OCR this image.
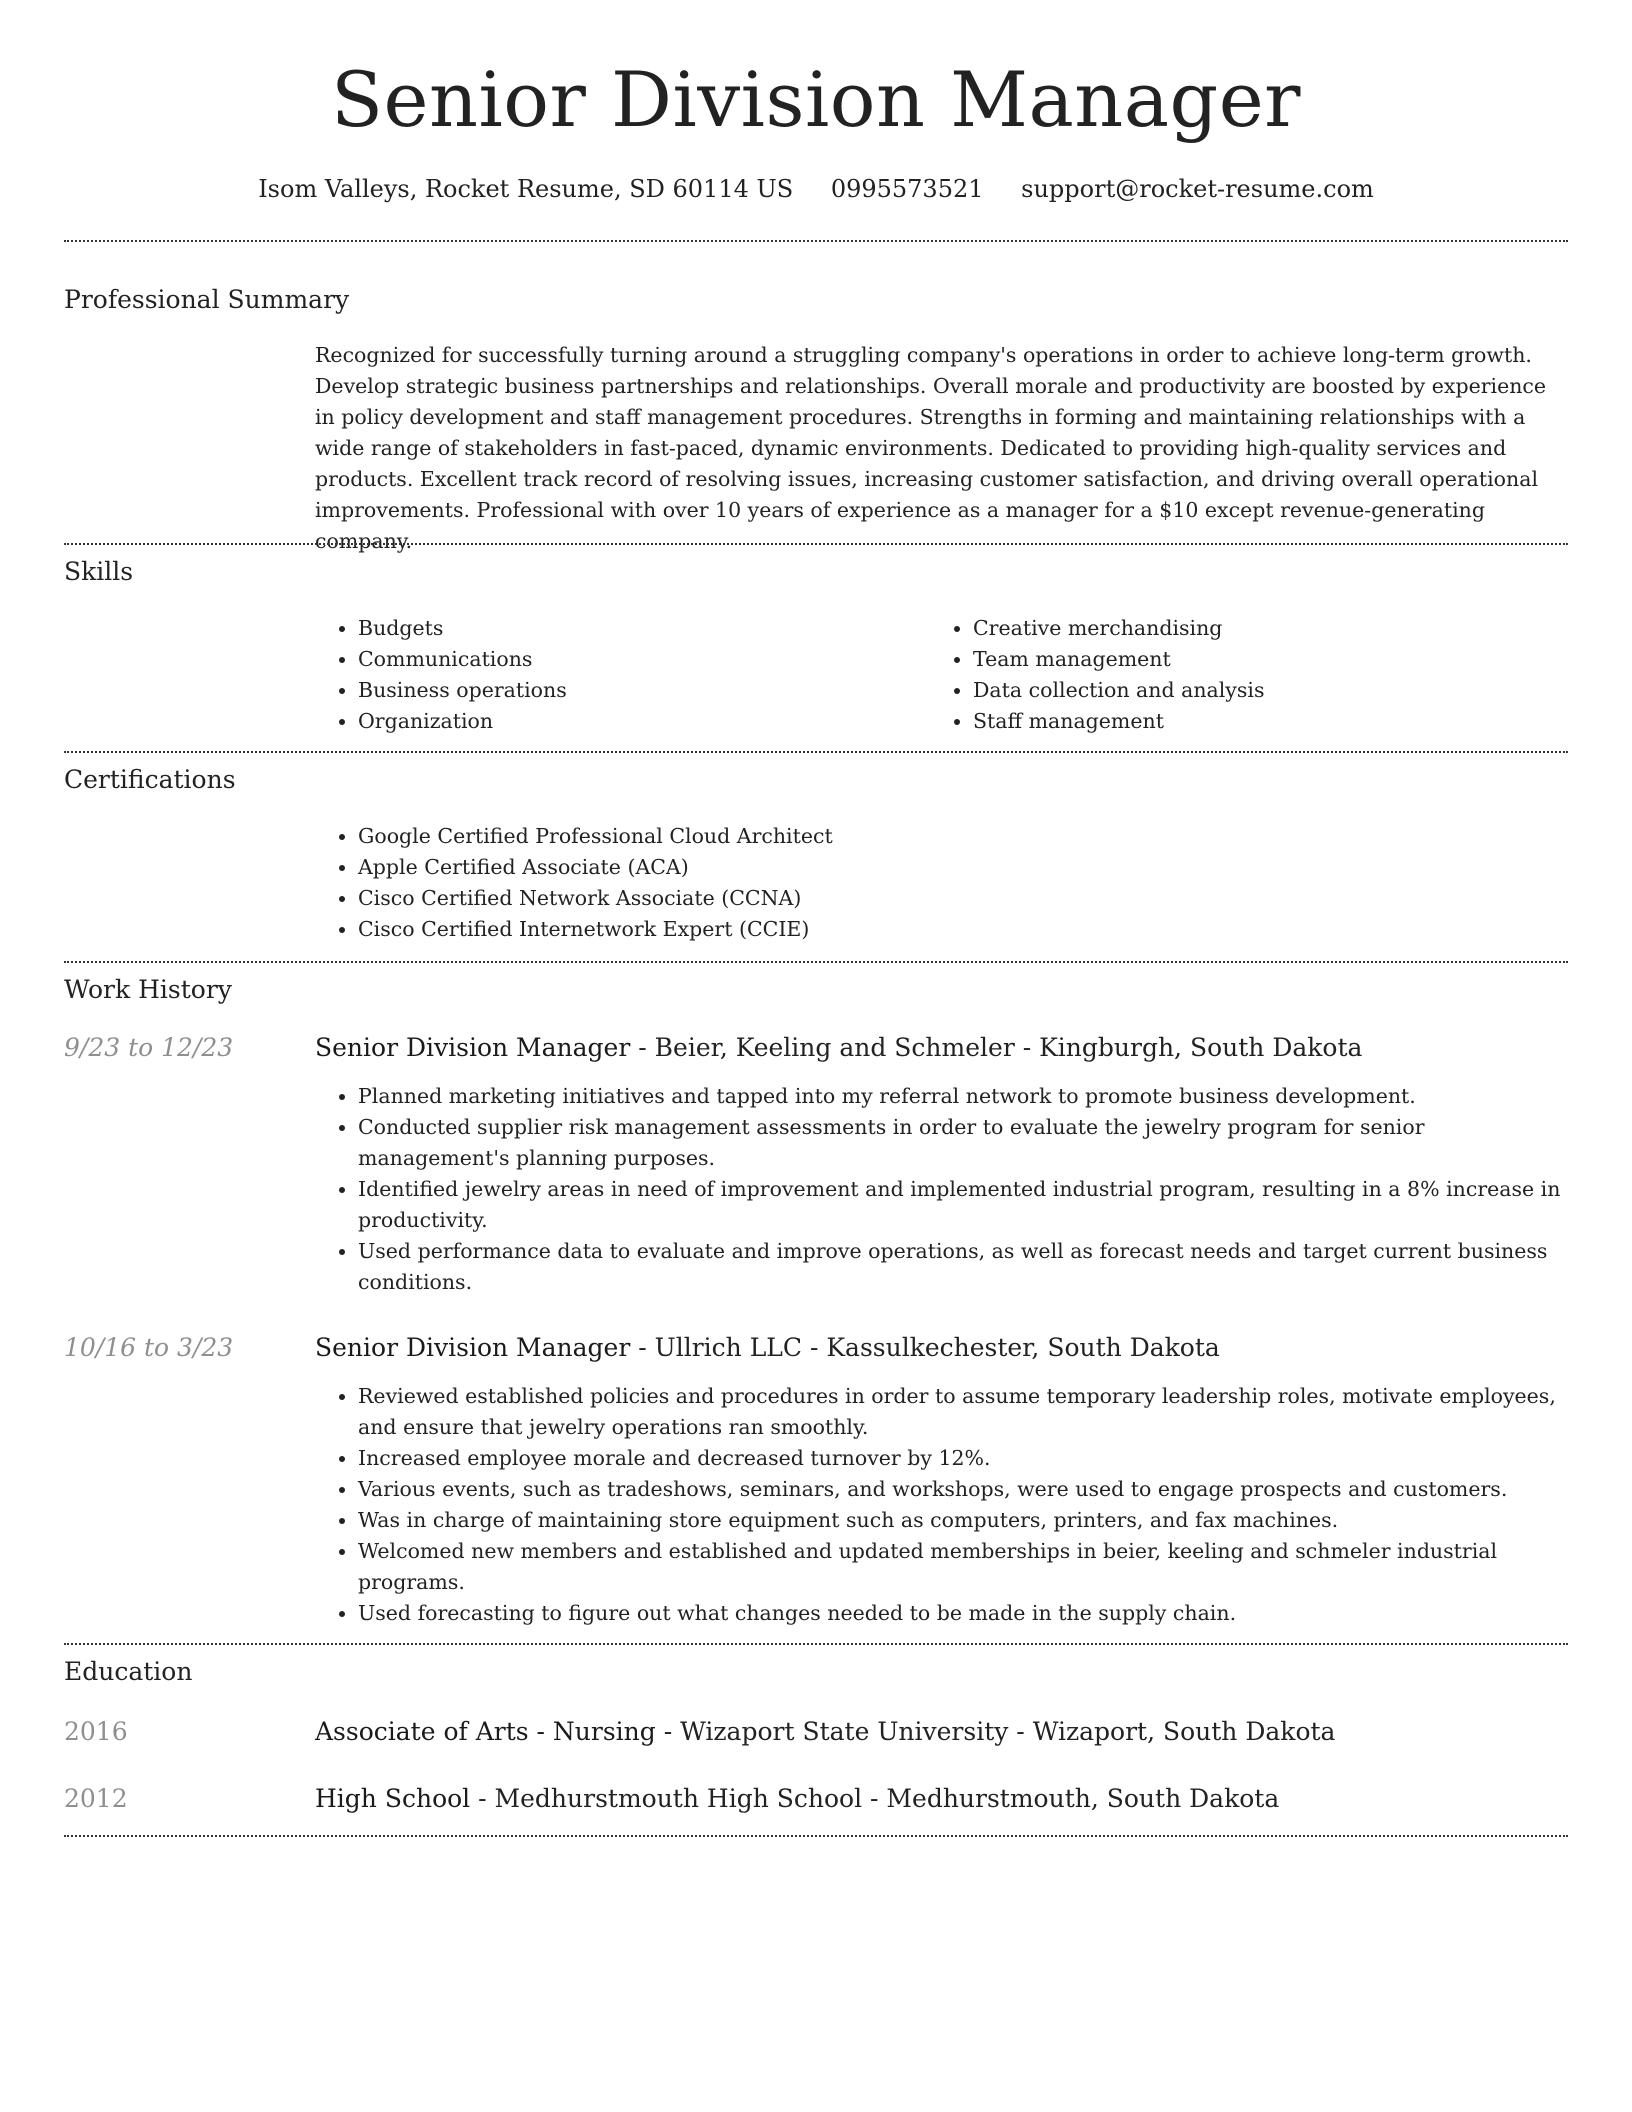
Senior Division Manager
Isom Valleys, Rocket Resume, SD 60114 US 0995573521 support@rocket-resume.com
Professional Summary

Recognized for successfully turning around a struggling company's operations in order to achieve long-term growth. Develop strategic business partnerships and relationships. Overall morale and productivity are boosted by experience in policy development and staff management procedures. Strengths in forming and maintaining relationships with a wide range of stakeholders in fast-paced, dynamic environments. Dedicated to providing high-quality services and products. Excellent track record of resolving issues, increasing customer satisfaction, and driving overall operational improvements. Professional with over 10 years of experience as a manager for a $10 except revenue-generating company.

Skills
• Budgets
• Communications
• Business operations
• Organization
• Creative merchandising
• Team management
• Data collection and analysis
• Staff management
Certifications
• Google Certified Professional Cloud Architect
• Apple Certified Associate (ACA)
• Cisco Certified Network Associate (CCNA)
• Cisco Certified Internetwork Expert (CCIE)
Work History
9/23 to 12/23	Senior Division Manager - Beier, Keeling and Schmeler - Kingburgh, South Dakota
• Planned marketing initiatives and tapped into my referral network to promote business development.
• Conducted supplier risk management assessments in order to evaluate the jewelry program for senior management's planning purposes.
• Identified jewelry areas in need of improvement and implemented industrial program, resulting in a 8% increase in productivity.
• Used performance data to evaluate and improve operations, as well as forecast needs and target current business conditions.
10/16 to 3/23	Senior Division Manager - Ullrich LLC - Kassulkechester, South Dakota
• Reviewed established policies and procedures in order to assume temporary leadership roles, motivate employees, and ensure that jewelry operations ran smoothly.
• Increased employee morale and decreased turnover by 12%.
• Various events, such as tradeshows, seminars, and workshops, were used to engage prospects and customers.
• Was in charge of maintaining store equipment such as computers, printers, and fax machines.
• Welcomed new members and established and updated memberships in beier, keeling and schmeler industrial programs.
• Used forecasting to figure out what changes needed to be made in the supply chain.
Education
2016	Associate of Arts - Nursing - Wizaport State University - Wizaport, South Dakota
2012	High School - Medhurstmouth High School - Medhurstmouth, South Dakota
